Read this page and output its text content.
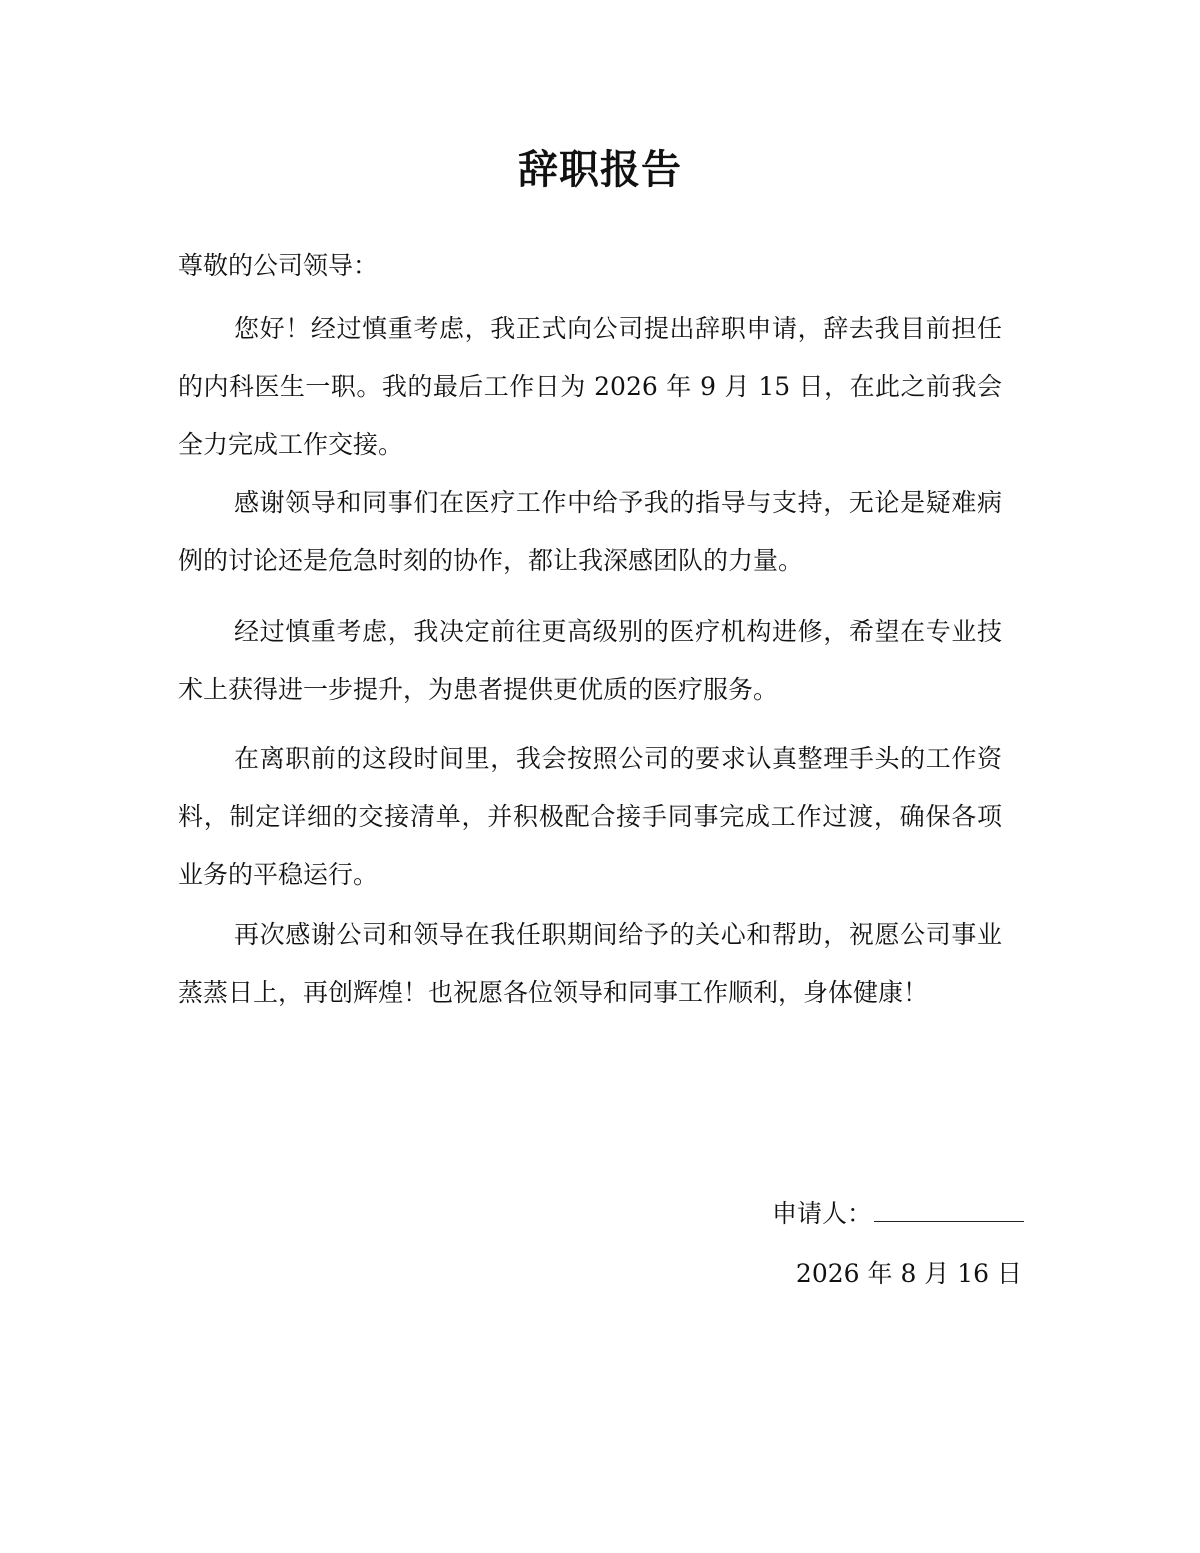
辞职报告
尊敬的公司领导：

您好！经过慎重考虑，我正式向公司提出辞职申请，辞去我目前担任的内科医生一职。我的最后工作日为 2026 年 9 月 15 日，在此之前我会全力完成工作交接。

感谢领导和同事们在医疗工作中给予我的指导与支持，无论是疑难病例的讨论还是危急时刻的协作，都让我深感团队的力量。

经过慎重考虑，我决定前往更高级别的医疗机构进修，希望在专业技术上获得进一步提升，为患者提供更优质的医疗服务。

在离职前的这段时间里，我会按照公司的要求认真整理手头的工作资料，制定详细的交接清单，并积极配合接手同事完成工作过渡，确保各项业务的平稳运行。

再次感谢公司和领导在我任职期间给予的关心和帮助，祝愿公司事业蒸蒸日上，再创辉煌！也祝愿各位领导和同事工作顺利，身体健康！

申请人：
2026 年 8 月 16 日
